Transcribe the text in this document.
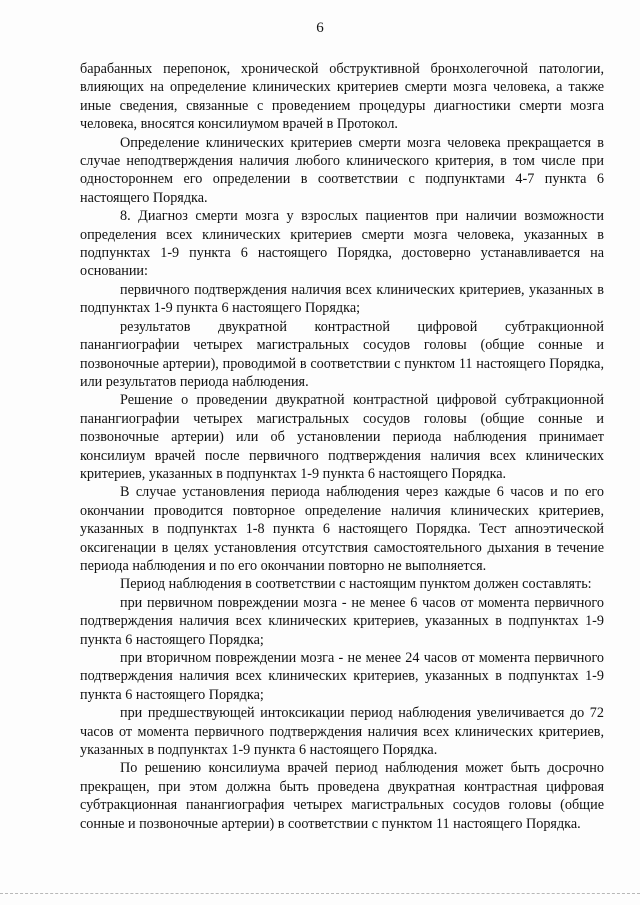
6

барабанных перепонок, хронической обструктивной бронхолегочной патологии, влияющих на определение клинических критериев смерти мозга человека, а также иные сведения, связанные с проведением процедуры диагностики смерти мозга человека, вносятся консилиумом врачей в Протокол.

Определение клинических критериев смерти мозга человека прекращается в случае неподтверждения наличия любого клинического критерия, в том числе при одностороннем его определении в соответствии с подпунктами 4-7 пункта 6 настоящего Порядка.

8. Диагноз смерти мозга у взрослых пациентов при наличии возможности определения всех клинических критериев смерти мозга человека, указанных в подпунктах 1-9 пункта 6 настоящего Порядка, достоверно устанавливается на основании:

первичного подтверждения наличия всех клинических критериев, указанных в подпунктах 1-9 пункта 6 настоящего Порядка;

результатов двукратной контрастной цифровой субтракционной панангиографии четырех магистральных сосудов головы (общие сонные и позвоночные артерии), проводимой в соответствии с пунктом 11 настоящего Порядка, или результатов периода наблюдения.

Решение о проведении двукратной контрастной цифровой субтракционной панангиографии четырех магистральных сосудов головы (общие сонные и позвоночные артерии) или об установлении периода наблюдения принимает консилиум врачей после первичного подтверждения наличия всех клинических критериев, указанных в подпунктах 1-9 пункта 6 настоящего Порядка.

В случае установления периода наблюдения через каждые 6 часов и по его окончании проводится повторное определение наличия клинических критериев, указанных в подпунктах 1-8 пункта 6 настоящего Порядка. Тест апноэтической оксигенации в целях установления отсутствия самостоятельного дыхания в течение периода наблюдения и по его окончании повторно не выполняется.

Период наблюдения в соответствии с настоящим пунктом должен составлять:

при первичном повреждении мозга - не менее 6 часов от момента первичного подтверждения наличия всех клинических критериев, указанных в подпунктах 1-9 пункта 6 настоящего Порядка;

при вторичном повреждении мозга - не менее 24 часов от момента первичного подтверждения наличия всех клинических критериев, указанных в подпунктах 1-9 пункта 6 настоящего Порядка;

при предшествующей интоксикации период наблюдения увеличивается до 72 часов от момента первичного подтверждения наличия всех клинических критериев, указанных в подпунктах 1-9 пункта 6 настоящего Порядка.

По решению консилиума врачей период наблюдения может быть досрочно прекращен, при этом должна быть проведена двукратная контрастная цифровая субтракционная панангиография четырех магистральных сосудов головы (общие сонные и позвоночные артерии) в соответствии с пунктом 11 настоящего Порядка.
